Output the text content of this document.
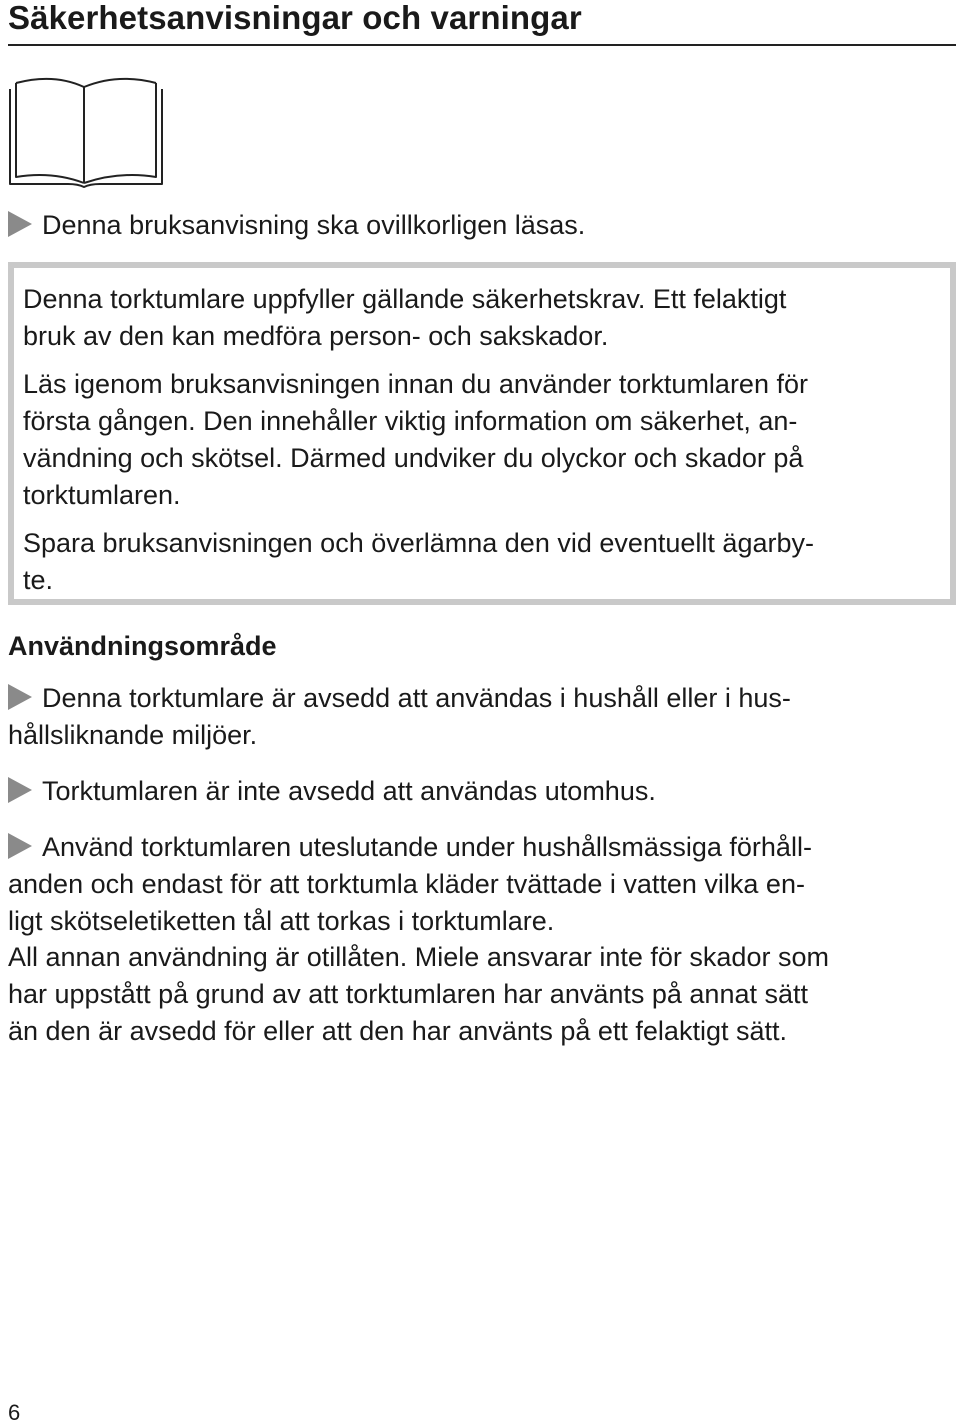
Säkerhetsanvisningar och varningar

Denna bruksanvisning ska ovillkorligen läsas.

Denna torktumlare uppfyller gällande säkerhetskrav. Ett felaktigt
bruk av den kan medföra person- och sakskador.

Läs igenom bruksanvisningen innan du använder torktumlaren för
första gången. Den innehåller viktig information om säkerhet, an-
vändning och skötsel. Därmed undviker du olyckor och skador på
torktumlaren.

Spara bruksanvisningen och överlämna den vid eventuellt ägarby-
te.

Användningsområde

Denna torktumlare är avsedd att användas i hushåll eller i hus-
hållsliknande miljöer.

Torktumlaren är inte avsedd att användas utomhus.

Använd torktumlaren uteslutande under hushållsmässiga förhåll-
anden och endast för att torktumla kläder tvättade i vatten vilka en-
ligt skötseletiketten tål att torkas i torktumlare.

All annan användning är otillåten. Miele ansvarar inte för skador som
har uppstått på grund av att torktumlaren har använts på annat sätt
än den är avsedd för eller att den har använts på ett felaktigt sätt.

6
